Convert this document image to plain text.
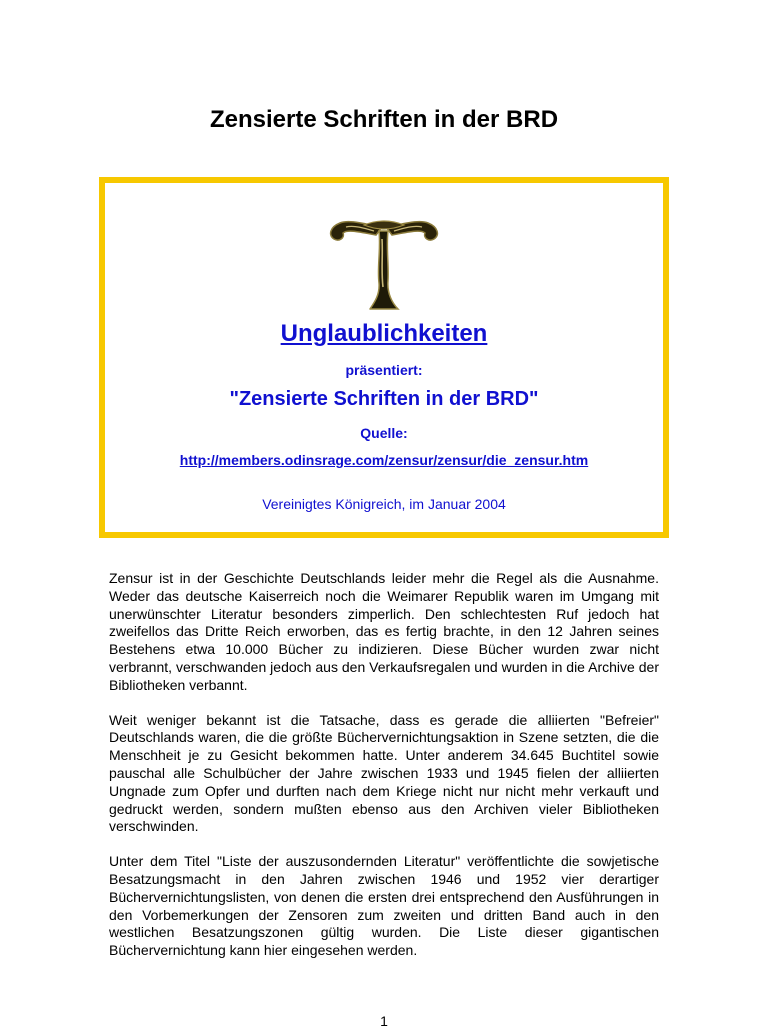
Zensierte Schriften in der BRD
Unglaublichkeiten
präsentiert:
"Zensierte Schriften in der BRD"
Quelle:
http://members.odinsrage.com/zensur/zensur/die_zensur.htm
Vereinigtes Königreich, im Januar 2004

Zensur ist in der Geschichte Deutschlands leider mehr die Regel als die Ausnahme. Weder das deutsche Kaiserreich noch die Weimarer Republik waren im Umgang mit unerwünschter Literatur besonders zimperlich. Den schlechtesten Ruf jedoch hat zweifellos das Dritte Reich erworben, das es fertig brachte, in den 12 Jahren seines Bestehens etwa 10.000 Bücher zu indizieren. Diese Bücher wurden zwar nicht verbrannt, verschwanden jedoch aus den Verkaufsregalen und wurden in die Archive der Bibliotheken verbannt.

Weit weniger bekannt ist die Tatsache, dass es gerade die alliierten "Befreier" Deutschlands waren, die die größte Büchervernichtungsaktion in Szene setzten, die die Menschheit je zu Gesicht bekommen hatte. Unter anderem 34.645 Buchtitel sowie pauschal alle Schulbücher der Jahre zwischen 1933 und 1945 fielen der alliierten Ungnade zum Opfer und durften nach dem Kriege nicht nur nicht mehr verkauft und gedruckt werden, sondern mußten ebenso aus den Archiven vieler Bibliotheken verschwinden.

Unter dem Titel "Liste der auszusondernden Literatur" veröffentlichte die sowjetische Besatzungsmacht in den Jahren zwischen 1946 und 1952 vier derartiger Büchervernichtungslisten, von denen die ersten drei entsprechend den Ausführungen in den Vorbemerkungen der Zensoren zum zweiten und dritten Band auch in den westlichen Besatzungszonen gültig wurden. Die Liste dieser gigantischen Büchervernichtung kann hier eingesehen werden.

1
